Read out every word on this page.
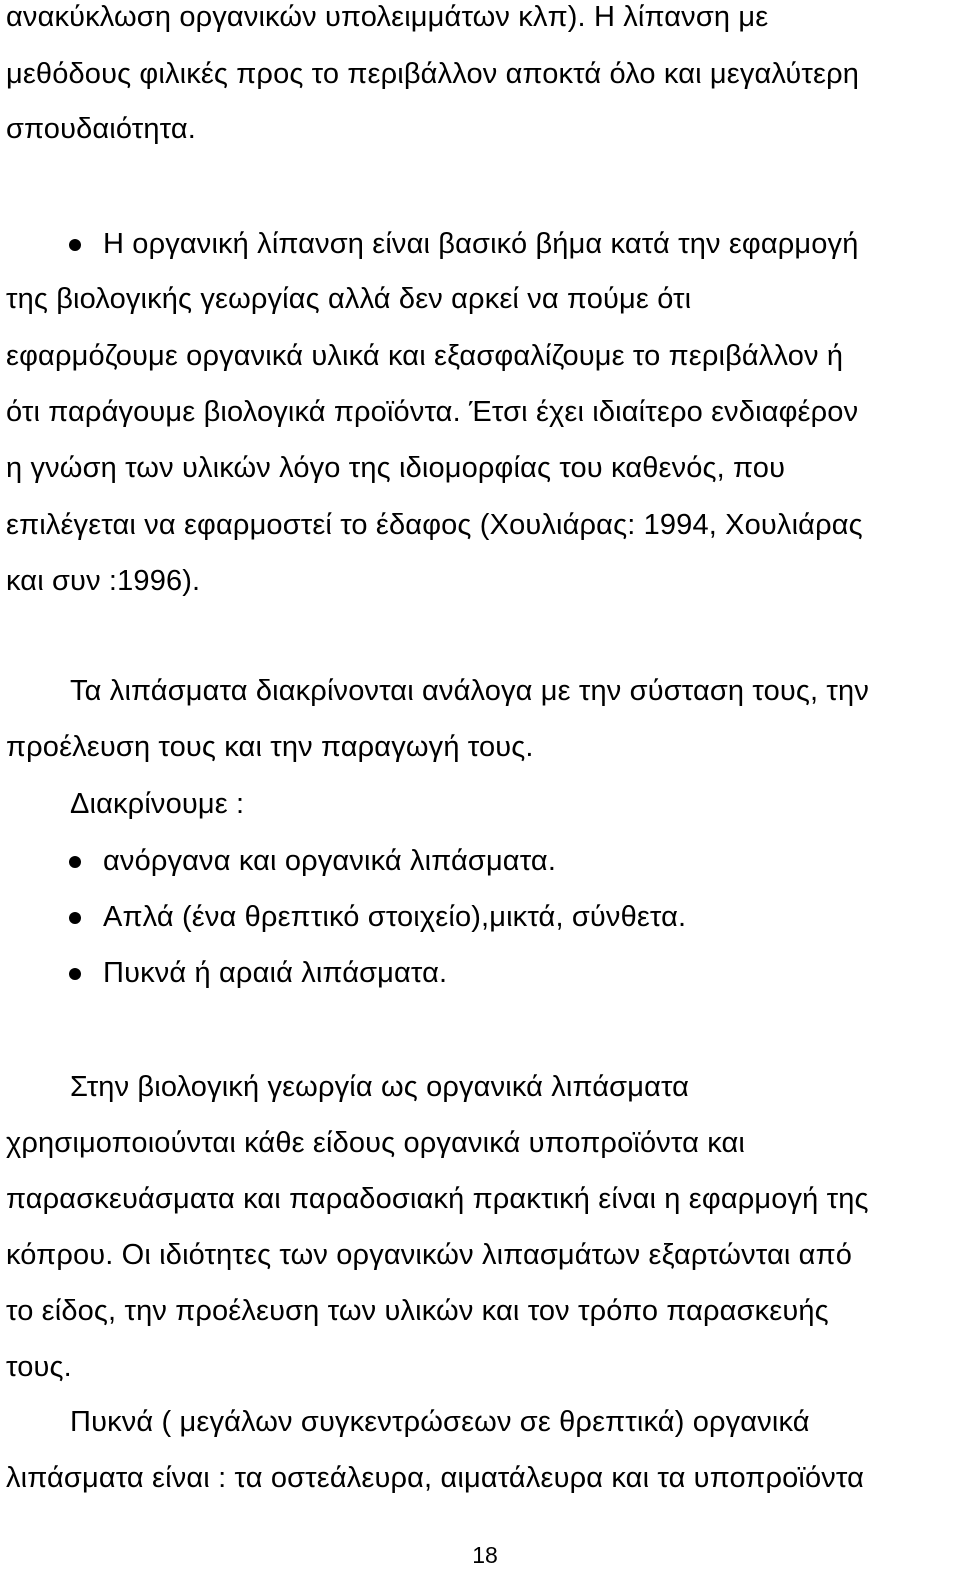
ανακύκλωση οργανικών υπολειμμάτων κλπ). Η λίπανση με
μεθόδους φιλικές προς το περιβάλλον αποκτά όλο και μεγαλύτερη
σπουδαιότητα.
Η οργανική λίπανση είναι βασικό βήμα κατά την εφαρμογή
της βιολογικής γεωργίας αλλά δεν αρκεί να πούμε ότι
εφαρμόζουμε οργανικά υλικά και εξασφαλίζουμε το περιβάλλον ή
ότι παράγουμε βιολογικά προϊόντα. Έτσι έχει ιδιαίτερο ενδιαφέρον
η γνώση των υλικών λόγο της ιδιομορφίας του καθενός, που
επιλέγεται να εφαρμοστεί το έδαφος (Χουλιάρας: 1994, Χουλιάρας
και συν :1996).
Τα λιπάσματα διακρίνονται ανάλογα με την σύσταση τους, την
προέλευση τους και την παραγωγή τους.
Διακρίνουμε :
ανόργανα και οργανικά λιπάσματα.
Απλά (ένα θρεπτικό στοιχείο),μικτά, σύνθετα.
Πυκνά ή αραιά λιπάσματα.
Στην βιολογική γεωργία ως οργανικά λιπάσματα
χρησιμοποιούνται κάθε είδους οργανικά υποπροϊόντα και
παρασκευάσματα και παραδοσιακή πρακτική είναι η εφαρμογή της
κόπρου. Οι ιδιότητες των οργανικών λιπασμάτων εξαρτώνται από
το είδος, την προέλευση των υλικών και τον τρόπο παρασκευής
τους.
Πυκνά ( μεγάλων συγκεντρώσεων σε θρεπτικά) οργανικά
λιπάσματα είναι : τα οστεάλευρα, αιματάλευρα και τα υποπροϊόντα
18
